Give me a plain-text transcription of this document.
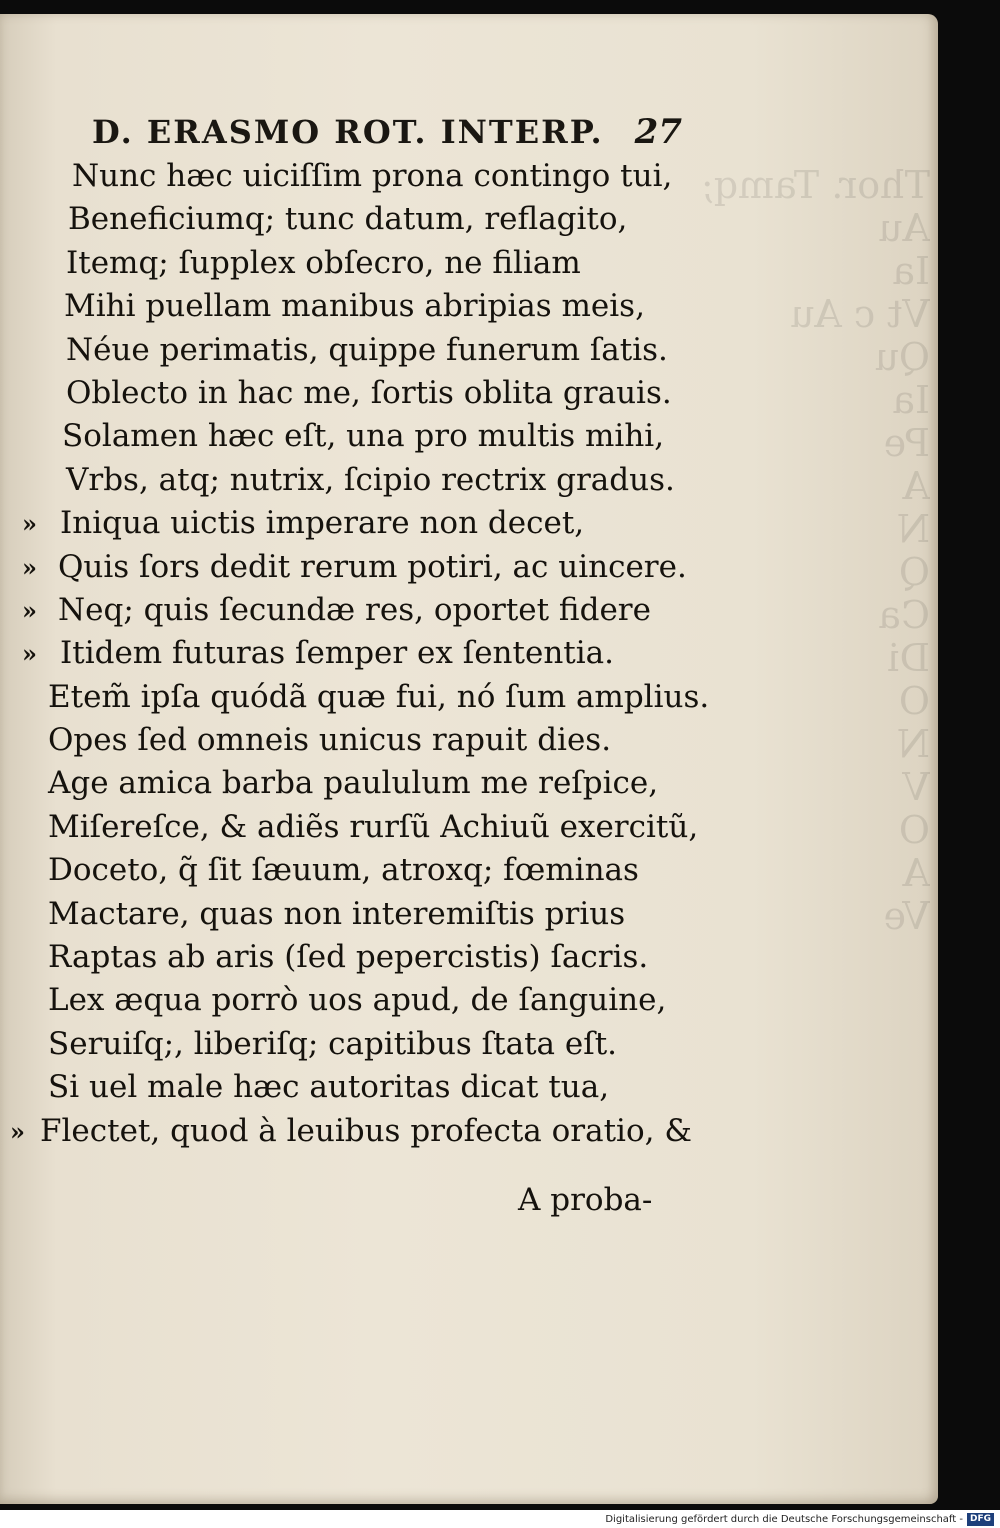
Thor. Tamq;
Au
Ia
Vt c Au
Qu
Ia
Pe
A
N
Q
Ca
Di
O
N
V
O
A
Ve
D. ERASMO ROT. INTERP. 27
Nunc hæc uiciſſim prona contingo tui,
Beneficiumq; tunc datum, reflagito,
Itemq; ſupplex obſecro, ne filiam
Mihi puellam manibus abripias meis,
Néue perimatis, quippe funerum ſatis.
Oblecto in hac me, ſortis oblita grauis.
Solamen hæc eſt, una pro multis mihi,
Vrbs, atq; nutrix, ſcipio rectrix gradus.
» Iniqua uictis imperare non decet,
» Quis ſors dedit rerum potiri, ac uincere.
» Neq; quis ſecundæ res, oportet fidere
» Itidem futuras ſemper ex ſententia.
Etem̃ ipſa quódã quæ fui, nó ſum amplius.
Opes ſed omneis unicus rapuit dies.
Age amica barba paululum me reſpice,
Miſereſce, & adiẽs rurſũ Achiuũ exercitũ,
Doceto, q̃ ſit ſæuum, atroxq; fœminas
Mactare, quas non interemiſtis prius
Raptas ab aris (ſed pepercistis) ſacris.
Lex æqua porrò uos apud, de ſanguine,
Seruiſq;, liberiſq; capitibus ſtata eſt.
Si uel male hæc autoritas dicat tua,
» Flectet, quod à leuibus profecta oratio, &
A proba-
Digitalisierung gefördert durch die Deutsche Forschungsgemeinschaft - DFG
